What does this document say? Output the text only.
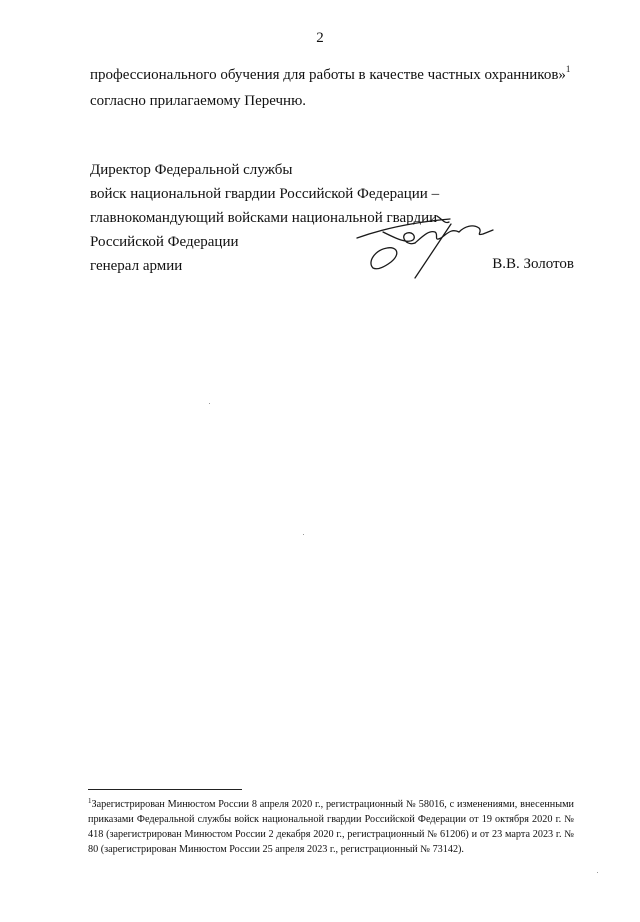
2
профессионального обучения для работы в качестве частных охранников»$^1$
согласно прилагаемому Перечню.
Директор Федеральной службы
войск национальной гвардии Российской Федерации –
главнокомандующий войсками национальной гвардии
Российской Федерации
генерал армии	В.В. Золотов
$^1$Зарегистрирован Минюстом России 8 апреля 2020 г., регистрационный № 58016, с изменениями, внесенными приказами Федеральной службы войск национальной гвардии Российской Федерации от 19 октября 2020 г. № 418 (зарегистрирован Минюстом России 2 декабря 2020 г., регистрационный № 61206) и от 23 марта 2023 г. № 80 (зарегистрирован Минюстом России 25 апреля 2023 г., регистрационный № 73142).
